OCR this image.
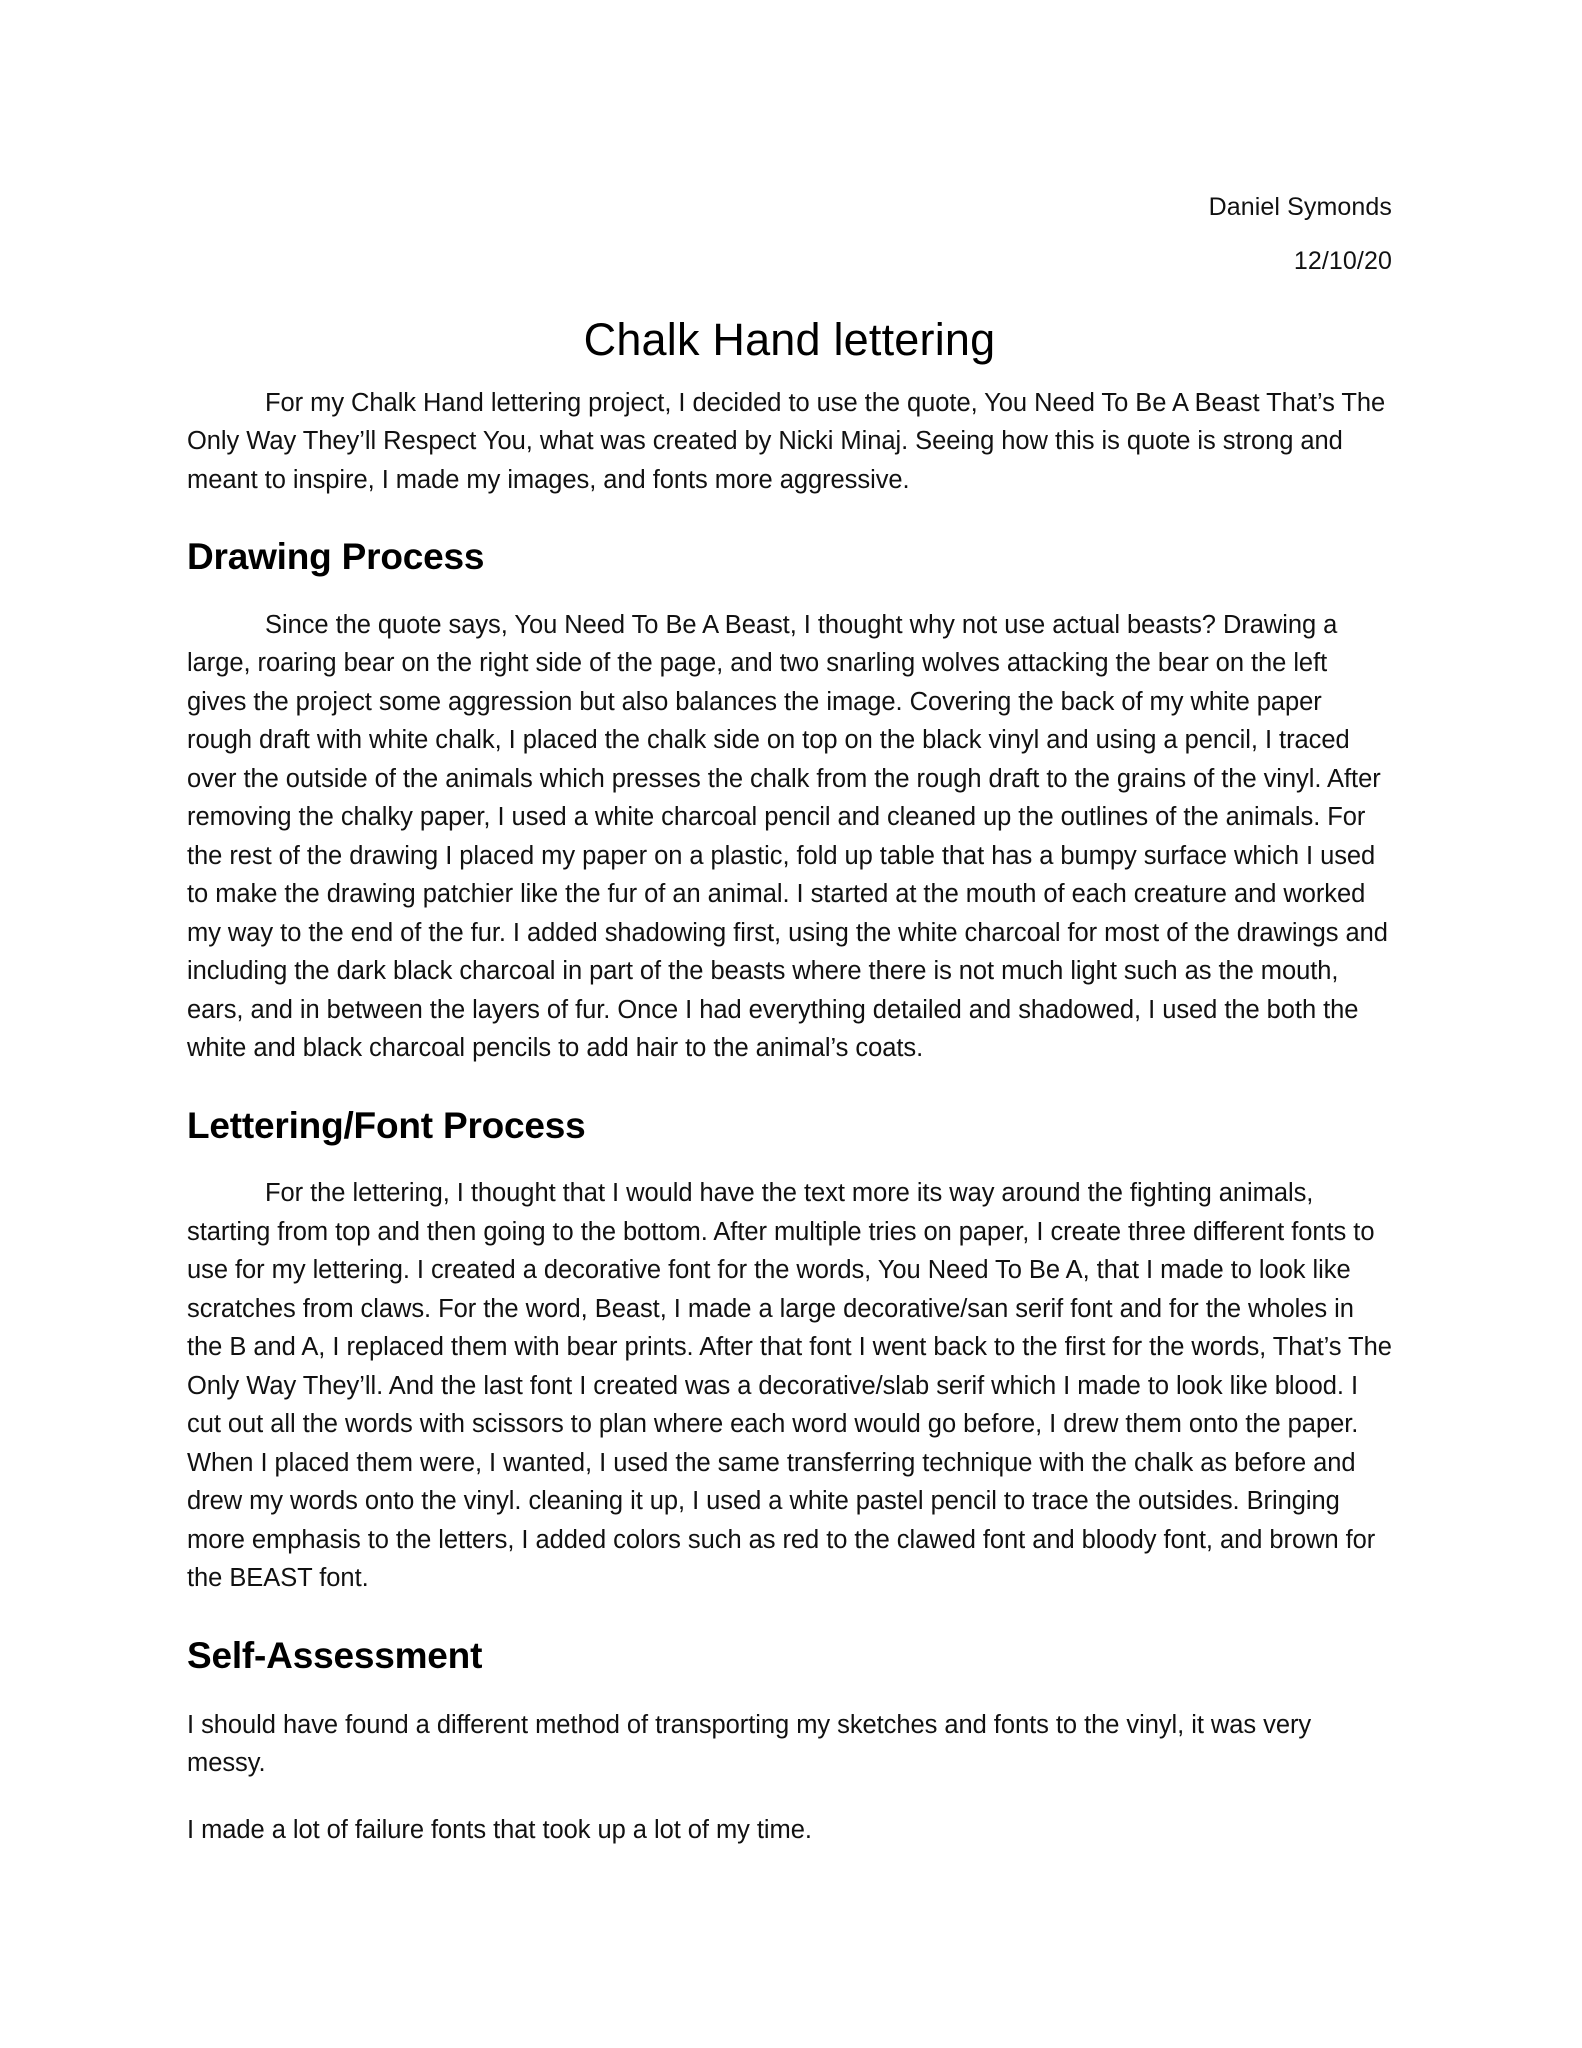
Daniel Symonds
12/10/20
Chalk Hand lettering

For my Chalk Hand lettering project, I decided to use the quote, You Need To Be A Beast That’s The Only Way They’ll Respect You, what was created by Nicki Minaj. Seeing how this is quote is strong and meant to inspire, I made my images, and fonts more aggressive.

Drawing Process

Since the quote says, You Need To Be A Beast, I thought why not use actual beasts? Drawing a large, roaring bear on the right side of the page, and two snarling wolves attacking the bear on the left gives the project some aggression but also balances the image. Covering the back of my white paper rough draft with white chalk, I placed the chalk side on top on the black vinyl and using a pencil, I traced over the outside of the animals which presses the chalk from the rough draft to the grains of the vinyl. After removing the chalky paper, I used a white charcoal pencil and cleaned up the outlines of the animals. For the rest of the drawing I placed my paper on a plastic, fold up table that has a bumpy surface which I used to make the drawing patchier like the fur of an animal. I started at the mouth of each creature and worked my way to the end of the fur. I added shadowing first, using the white charcoal for most of the drawings and including the dark black charcoal in part of the beasts where there is not much light such as the mouth, ears, and in between the layers of fur. Once I had everything detailed and shadowed, I used the both the white and black charcoal pencils to add hair to the animal’s coats.

Lettering/Font Process

For the lettering, I thought that I would have the text more its way around the fighting animals, starting from top and then going to the bottom. After multiple tries on paper, I create three different fonts to use for my lettering. I created a decorative font for the words, You Need To Be A, that I made to look like scratches from claws. For the word, Beast, I made a large decorative/san serif font and for the wholes in the B and A, I replaced them with bear prints. After that font I went back to the first for the words, That’s The Only Way They’ll. And the last font I created was a decorative/slab serif which I made to look like blood. I cut out all the words with scissors to plan where each word would go before, I drew them onto the paper. When I placed them were, I wanted, I used the same transferring technique with the chalk as before and drew my words onto the vinyl. cleaning it up, I used a white pastel pencil to trace the outsides. Bringing more emphasis to the letters, I added colors such as red to the clawed font and bloody font, and brown for the BEAST font.

Self-Assessment

I should have found a different method of transporting my sketches and fonts to the vinyl, it was very messy.

I made a lot of failure fonts that took up a lot of my time.
